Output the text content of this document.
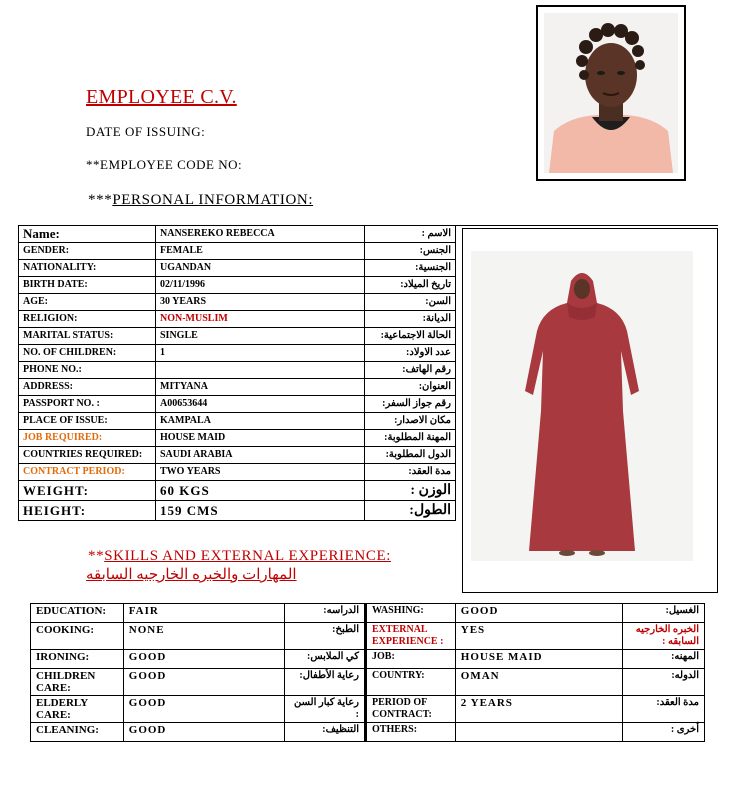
EMPLOYEE C.V.
DATE OF ISSUING:
**EMPLOYEE CODE NO:
***PERSONAL INFORMATION:
Name:	NANSEREKO REBECCA	الاسم :
GENDER:	FEMALE	الجنس:
NATIONALITY:	UGANDAN	الجنسية:
BIRTH DATE:	02/11/1996	تاريخ الميلاد:
AGE:	30 YEARS	السن:
RELIGION:	NON-MUSLIM	الديانة:
MARITAL STATUS:	SINGLE	الحالة الاجتماعية:
NO. OF CHILDREN:	1	عدد الاولاد:
PHONE NO.:		رقم الهاتف:
ADDRESS:	MITYANA	العنوان:
PASSPORT NO. :	A00653644	رقم جواز السفر:
PLACE OF ISSUE:	KAMPALA	مكان الاصدار:
JOB REQUIRED:	HOUSE MAID	المهنة المطلوبة:
COUNTRIES REQUIRED:	SAUDI ARABIA	الدول المطلوبة:
CONTRACT PERIOD:	TWO YEARS	مدة العقد:
WEIGHT:	60 KGS	الوزن :
HEIGHT:	159 CMS	الطول:
**SKILLS AND EXTERNAL EXPERIENCE:
المهارات والخبره الخارجيه السابقه
EDUCATION:	FAIR	الدراسه:	WASHING:	GOOD	الغسيل:
COOKING:	NONE	الطبخ:	EXTERNAL EXPERIENCE :	YES	الخبره الخارجيه السابقه :
IRONING:	GOOD	كي الملابس:	JOB:	HOUSE MAID	المهنه:
CHILDREN CARE:	GOOD	رعاية الأطفال:	COUNTRY:	OMAN	الدوله:
ELDERLY CARE:	GOOD	رعاية كبار السن :	PERIOD OF CONTRACT:	2 YEARS	مدة العقد:
CLEANING:	GOOD	التنظيف:	OTHERS:		أخرى :
